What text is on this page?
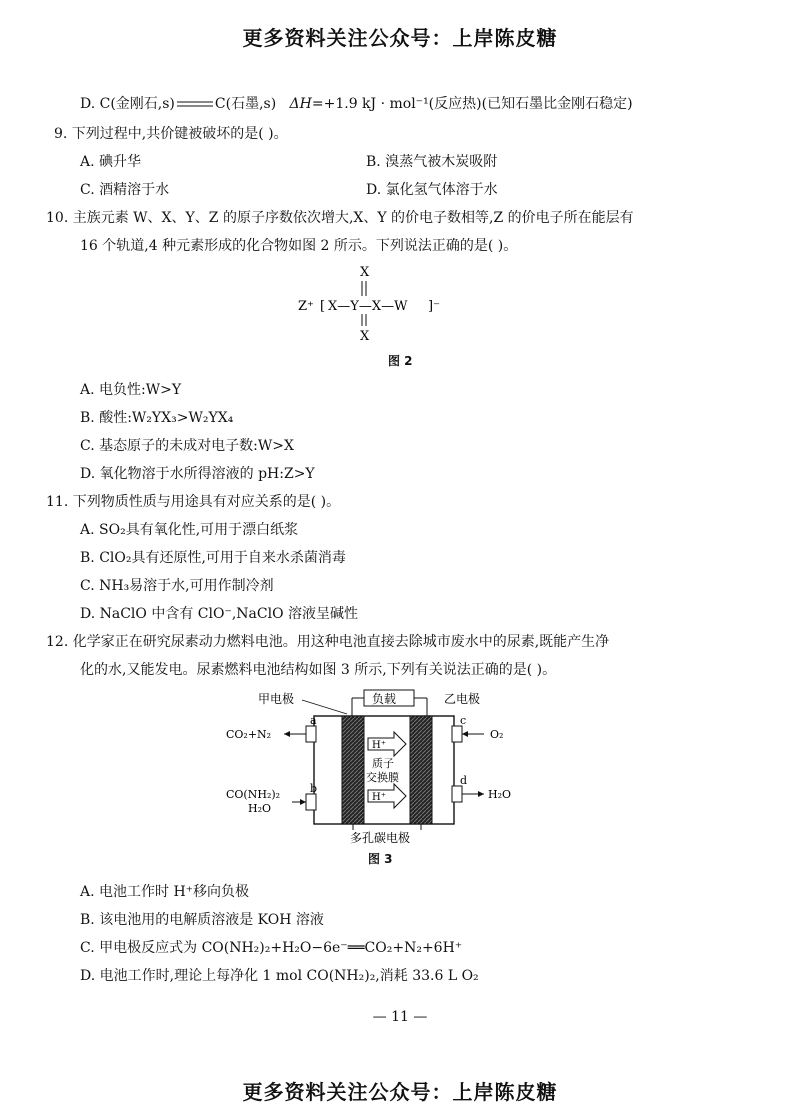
更多资料关注公众号：上岸陈皮糖
D. C(金刚石,s)	C(石墨,s) ΔH=+1.9 kJ · mol⁻¹(反应热)(已知石墨比金刚石稳定)
9. 下列过程中,共价键被破坏的是( )。
A. 碘升华	B. 溴蒸气被木炭吸附
C. 酒精溶于水	D. 氯化氢气体溶于水
10. 主族元素 W、X、Y、Z 的原子序数依次增大,X、Y 的价电子数相等,Z 的价电子所在能层有
16 个轨道,4 种元素形成的化合物如图 2 所示。下列说法正确的是( )。
X
Z⁺ [ X—Y—X—W ]⁻
X
图 2
A. 电负性:W>Y
B. 酸性:W₂YX₃>W₂YX₄
C. 基态原子的未成对电子数:W>X
D. 氧化物溶于水所得溶液的 pH:Z>Y
11. 下列物质性质与用途具有对应关系的是( )。
A. SO₂具有氧化性,可用于漂白纸浆
B. ClO₂具有还原性,可用于自来水杀菌消毒
C. NH₃易溶于水,可用作制冷剂
D. NaClO 中含有 ClO⁻,NaClO 溶液呈碱性
12. 化学家正在研究尿素动力燃料电池。用这种电池直接去除城市废水中的尿素,既能产生净
化的水,又能发电。尿素燃料电池结构如图 3 所示,下列有关说法正确的是( )。
负载
甲电极	乙电极
H⁺
质子
交换膜
H⁺
a
CO₂+N₂
b
CO(NH₂)₂
H₂O
c
O₂
d
H₂O
多孔碳电极
图 3
A. 电池工作时 H⁺移向负极
B. 该电池用的电解质溶液是 KOH 溶液
C. 甲电极反应式为 CO(NH₂)₂+H₂O−6e⁻══CO₂+N₂+6H⁺
D. 电池工作时,理论上每净化 1 mol CO(NH₂)₂,消耗 33.6 L O₂
— 11 —
更多资料关注公众号：上岸陈皮糖
